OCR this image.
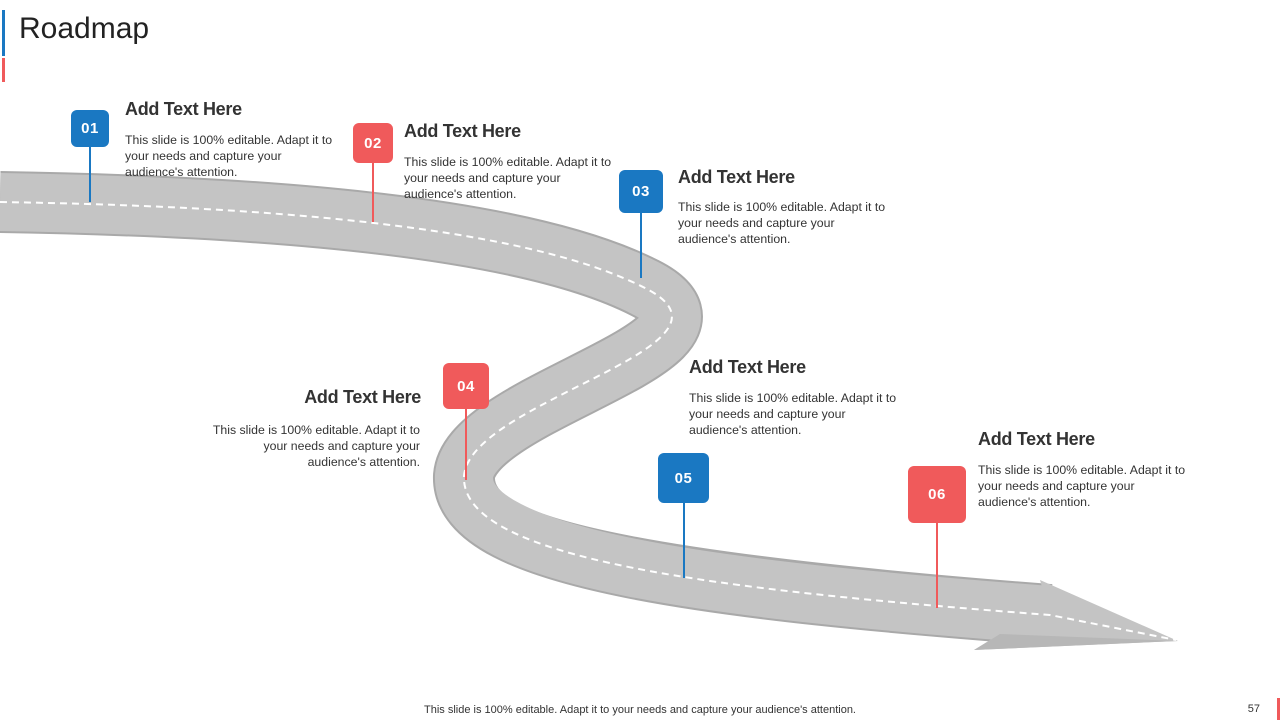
Roadmap
01
02
03
04
05
06
Add Text Here

This slide is 100% editable. Adapt it to your needs and capture your audience's attention.

Add Text Here

This slide is 100% editable. Adapt it to your needs and capture your audience's attention.

Add Text Here

This slide is 100% editable. Adapt it to your needs and capture your audience's attention.

Add Text Here

This slide is 100% editable. Adapt it to your needs and capture your audience's attention.

Add Text Here

This slide is 100% editable. Adapt it to your needs and capture your audience's attention.	Add Text Here

This slide is 100% editable. Adapt it to your needs and capture your audience's attention.

This slide is 100% editable. Adapt it to your needs and capture your audience's attention.	57
